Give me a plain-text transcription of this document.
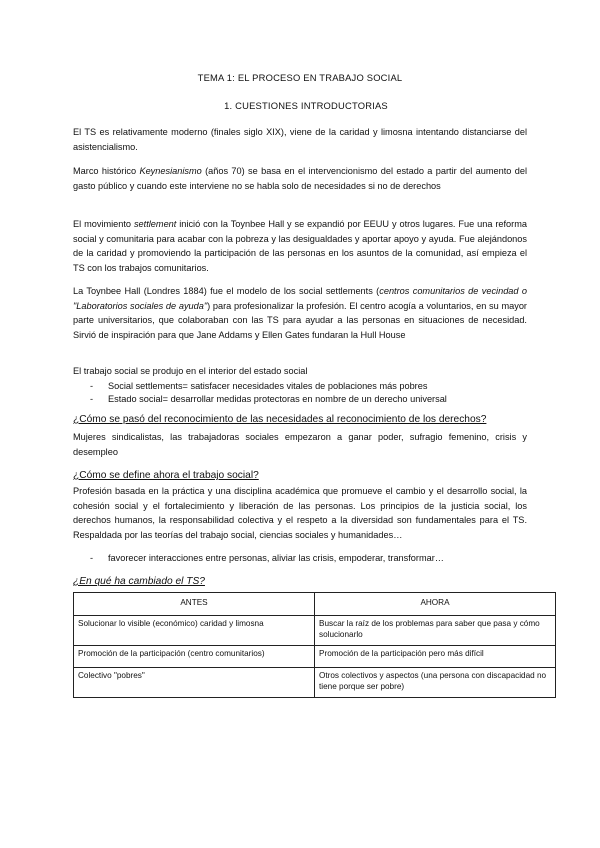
TEMA 1: EL PROCESO EN TRABAJO SOCIAL
1. CUESTIONES INTRODUCTORIAS

El TS es relativamente moderno (finales siglo XIX), viene de la caridad y limosna intentando distanciarse del asistencialismo.

Marco histórico Keynesianismo (años 70) se basa en el intervencionismo del estado a partir del aumento del gasto público y cuando este interviene no se habla solo de necesidades si no de derechos

El movimiento settlement inició con la Toynbee Hall y se expandió por EEUU y otros lugares. Fue una reforma social y comunitaria para acabar con la pobreza y las desigualdades y aportar apoyo y ayuda. Fue alejándonos de la caridad y promoviendo la participación de las personas en los asuntos de la comunidad, así empieza el TS con los trabajos comunitarios.

La Toynbee Hall (Londres 1884) fue el modelo de los social settlements (centros comunitarios de vecindad o "Laboratorios sociales de ayuda") para profesionalizar la profesión. El centro acogía a voluntarios, en su mayor parte universitarios, que colaboraban con las TS para ayudar a las personas en situaciones de necesidad. Sirvió de inspiración para que Jane Addams y Ellen Gates fundaran la Hull House

El trabajo social se produjo en el interior del estado social

- Social settlements= satisfacer necesidades vitales de poblaciones más pobres
- Estado social= desarrollar medidas protectoras en nombre de un derecho universal
¿Cómo se pasó del reconocimiento de las necesidades al reconocimiento de los derechos?

Mujeres sindicalistas, las trabajadoras sociales empezaron a ganar poder, sufragio femenino, crisis y desempleo

¿Cómo se define ahora el trabajo social?

Profesión basada en la práctica y una disciplina académica que promueve el cambio y el desarrollo social, la cohesión social y el fortalecimiento y liberación de las personas. Los principios de la justicia social, los derechos humanos, la responsabilidad colectiva y el respeto a la diversidad son fundamentales para el TS. Respaldada por las teorías del trabajo social, ciencias sociales y humanidades…

- favorecer interacciones entre personas, aliviar las crisis, empoderar, transformar…
¿En qué ha cambiado el TS?
ANTES	AHORA
Solucionar lo visible (económico) caridad y limosna	Buscar la raíz de los problemas para saber que pasa y cómo solucionarlo
Promoción de la participación (centro comunitarios)	Promoción de la participación pero más difícil
Colectivo "pobres"	Otros colectivos y aspectos (una persona con discapacidad no tiene porque ser pobre)
